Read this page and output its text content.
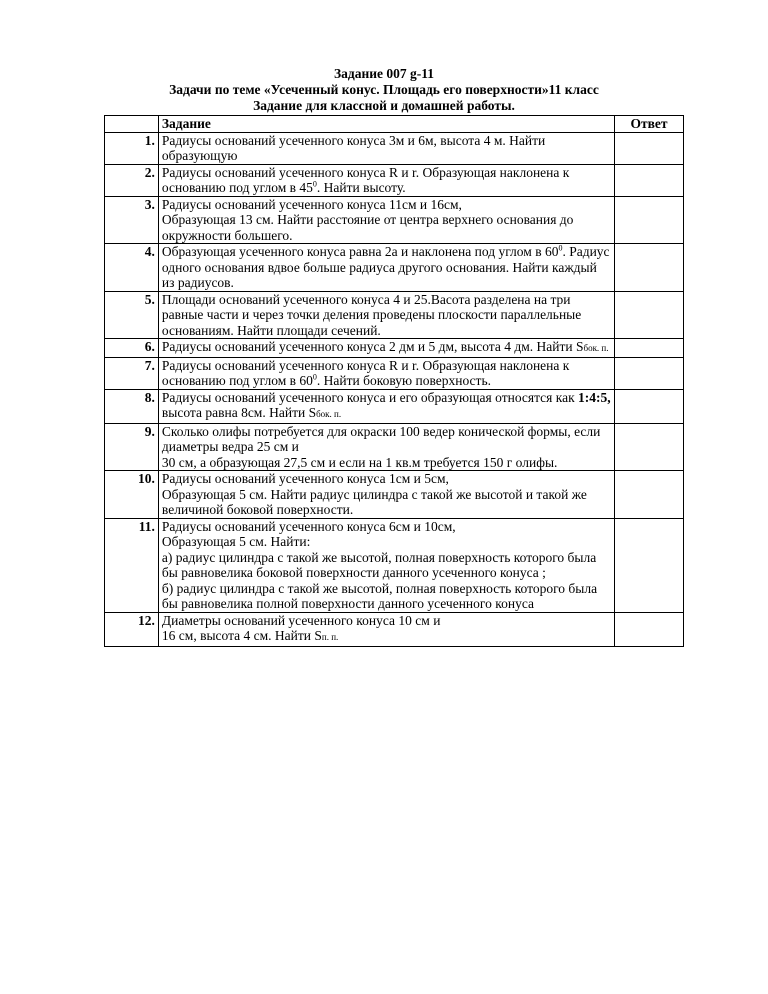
Задание 007 g-11
Задачи по теме «Усеченный конус. Площадь его поверхности»11 класс
Задание для классной и домашней работы.
	Задание	Ответ
1.	Радиусы оснований усеченного конуса 3м и 6м, высота 4 м. Найти образующую	

2.	Радиусы оснований усеченного конуса R и r. Образующая наклонена к основанию под углом в $45^0$. Найти высоту.	

3.	Радиусы оснований усеченного конуса 11см и 16см,

Образующая 13 см. Найти расстояние от центра верхнего основания до окружности большего.	

4.	Образующая усеченного конуса равна 2a и наклонена под углом в $60^0$. Радиус одного основания вдвое больше радиуса другого основания. Найти каждый из радиусов.	

5.	Площади оснований усеченного конуса 4 и 25.Васота разделена на три равные части и через точки деления проведены плоскости параллельные основаниям. Найти площади сечений.	

6.	Радиусы оснований усеченного конуса 2 дм и 5 дм, высота 4 дм. Найти Sбок. п.	

7.	Радиусы оснований усеченного конуса R и r. Образующая наклонена к основанию под углом в $60^0$. Найти боковую поверхность.	

8.	Радиусы оснований усеченного конуса и его образующая относятся как 1:4:5, высота равна 8см. Найти Sбок. п.	

9.	Сколько олифы потребуется для окраски 100 ведер конической формы, если диаметры ведра 25 см и

30 см, а образующая 27,5 см и если на 1 кв.м требуется 150 г олифы.	

10.	Радиусы оснований усеченного конуса 1см и 5см,

Образующая 5 см. Найти радиус цилиндра с такой же высотой и такой же величиной боковой поверхности.	

11.	Радиусы оснований усеченного конуса 6см и 10см,

Образующая 5 см. Найти:

а) радиус цилиндра с такой же высотой, полная поверхность которого была бы равновелика боковой поверхности данного усеченного конуса ;

б) радиус цилиндра с такой же высотой, полная поверхность которого была бы равновелика полной поверхности данного усеченного конуса	

12.	Диаметры оснований усеченного конуса 10 см и

16 см, высота 4 см. Найти Sп. п.	
